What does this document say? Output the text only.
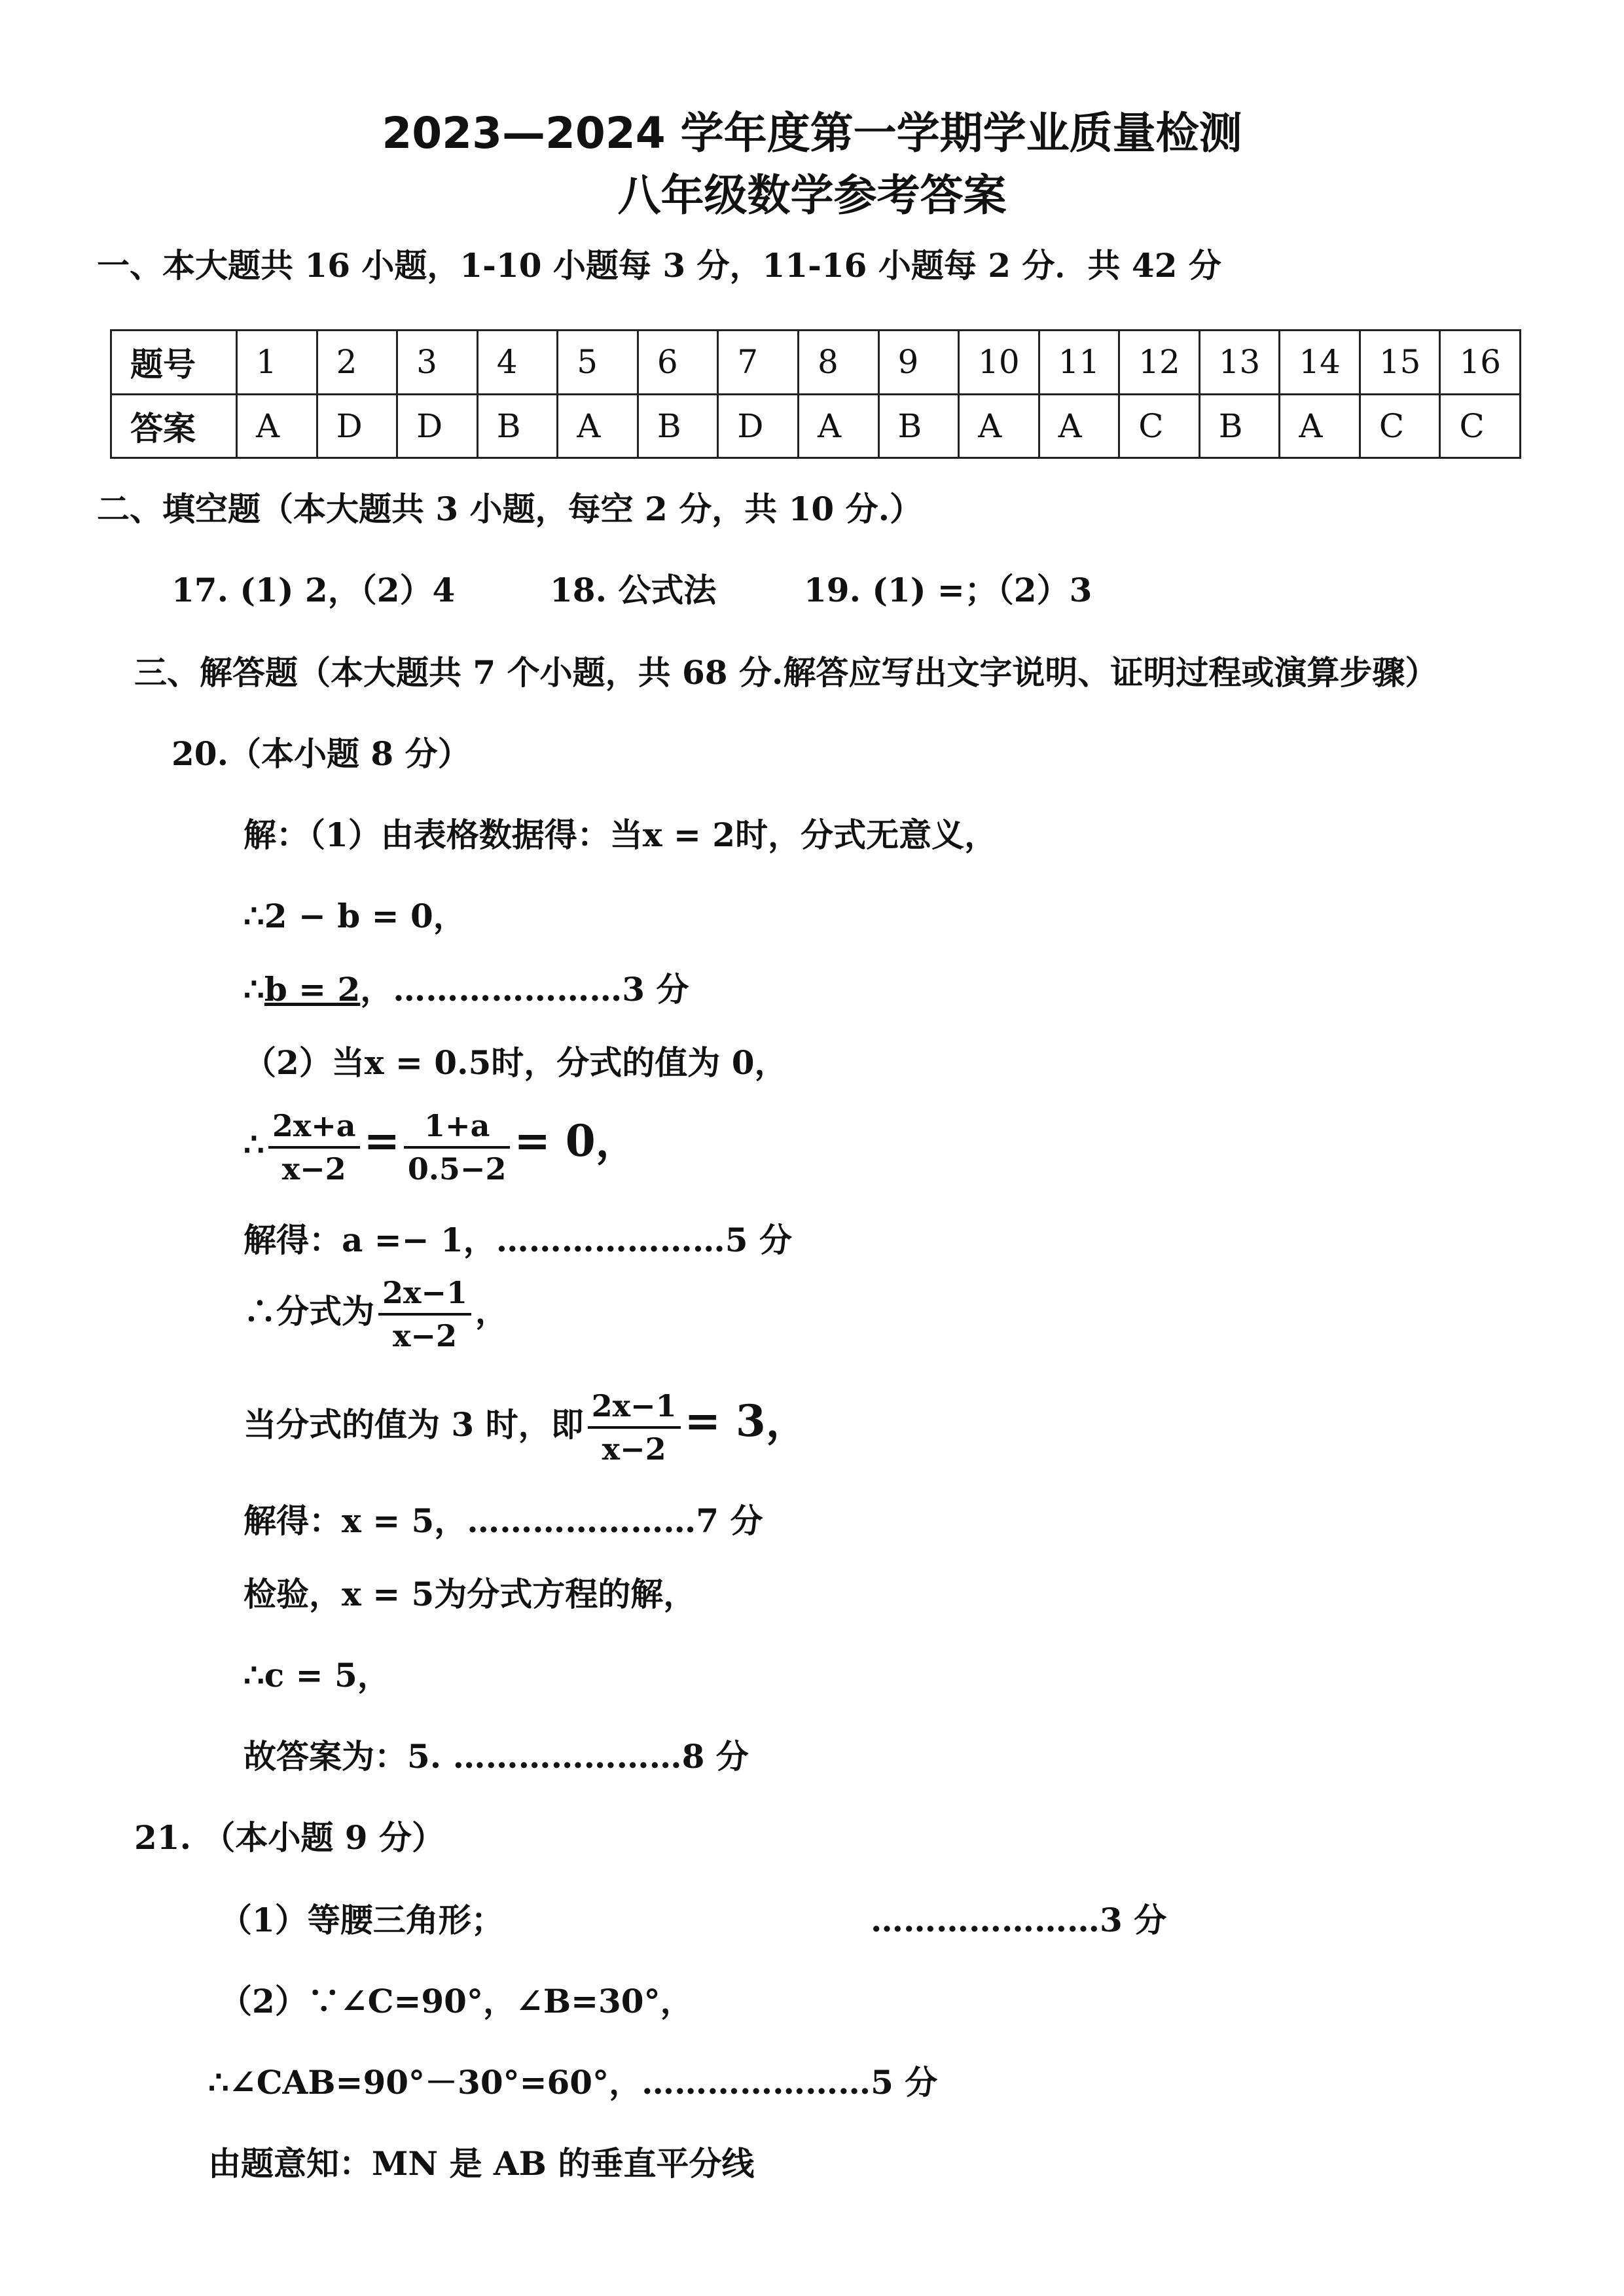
2023—2024 学年度第一学期学业质量检测
八年级数学参考答案
一、本大题共 16 小题，1-10 小题每 3 分，11-16 小题每 2 分．共 42 分
题号	1	2	3	4	5	6	7	8	9	10	11	12	13	14	15	16
答案	A	D	D	B	A	B	D	A	B	A	A	C	B	A	C	C
二、填空题（本大题共 3 小题，每空 2 分，共 10 分.）
17. (1) 2，（2）4	18. 公式法	19. (1) =；（2）3
三、解答题（本大题共 7 个小题，共 68 分.解答应写出文字说明、证明过程或演算步骤）
20.（本小题 8 分）
解：（1）由表格数据得：当x = 2时，分式无意义，
∴2 − b = 0，
∴b = 2，…………………3 分
（2）当x = 0.5时，分式的值为 0，
∴ $\frac{2x+a}{x-2} = \frac{1+a}{0.5-2} = 0$，
解得：a =− 1，…………………5 分
∴分式为 $\frac{2x-1}{x-2}$ ，
当分式的值为 3 时，即 $\frac{2x-1}{x-2} = 3$，
解得：x = 5，…………………7 分
检验，x = 5为分式方程的解，
∴c = 5，
故答案为：5. …………………8 分
21. （本小题 9 分）
（1）等腰三角形；	…………………3 分
（2）∵∠C=90°，∠B=30°，
∴∠CAB=90°－30°=60°，…………………5 分
由题意知：MN 是 AB 的垂直平分线
